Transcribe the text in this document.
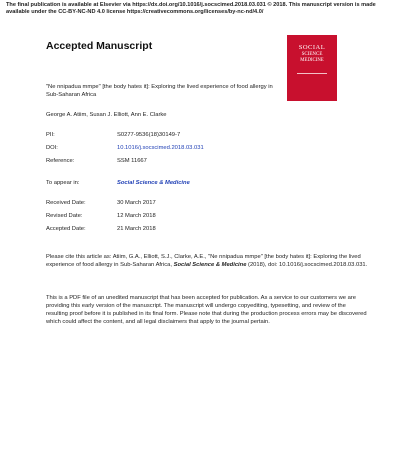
The final publication is available at Elsevier via https://dx.doi.org/10.1016/j.socscimed.2018.03.031 © 2018. This manuscript version is made available under the CC-BY-NC-ND 4.0 license https://creativecommons.org/licenses/by-nc-nd/4.0/
Accepted Manuscript	SOCIAL
SCIENCE
MEDICINE
"Ne nnipadua mmpe" [the body hates it]: Exploring the lived experience of food allergy in Sub-Saharan Africa
George A. Atiim, Susan J. Elliott, Ann E. Clarke
PII:	S0277-9536(18)30149-7
DOI:	10.1016/j.socscimed.2018.03.031
Reference:	SSM 11667
To appear in:	Social Science & Medicine
Received Date:	30 March 2017
Revised Date:	12 March 2018
Accepted Date:	21 March 2018
Please cite this article as: Atiim, G.A., Elliott, S.J., Clarke, A.E., "Ne nnipadua mmpe" [the body hates it]: Exploring the lived experience of food allergy in Sub-Saharan Africa, Social Science & Medicine (2018), doi: 10.1016/j.socscimed.2018.03.031.
This is a PDF file of an unedited manuscript that has been accepted for publication. As a service to our customers we are providing this early version of the manuscript. The manuscript will undergo copyediting, typesetting, and review of the resulting proof before it is published in its final form. Please note that during the production process errors may be discovered which could affect the content, and all legal disclaimers that apply to the journal pertain.
